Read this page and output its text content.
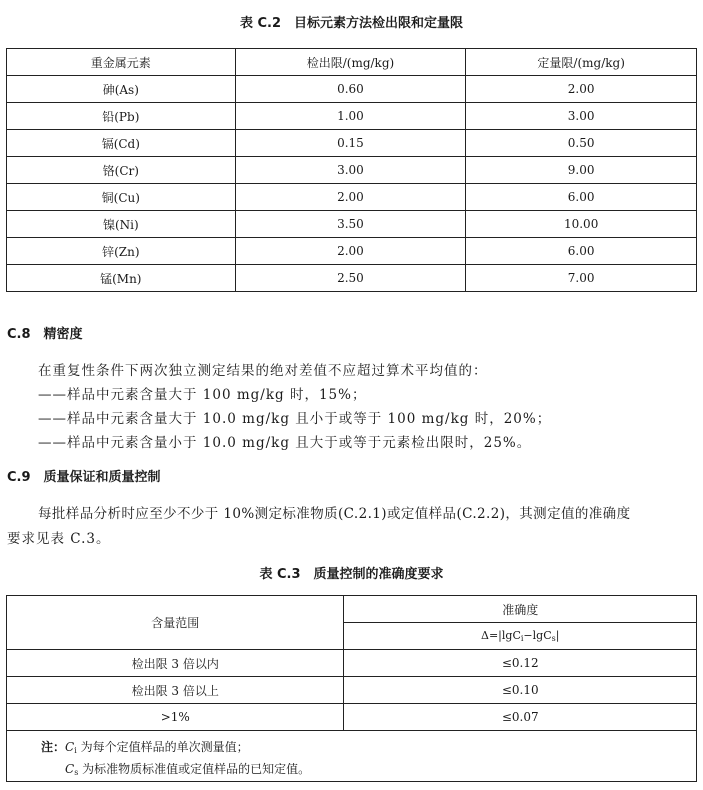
表 C.2　目标元素方法检出限和定量限
重金属元素	检出限/(mg/kg)	定量限/(mg/kg)
砷(As)	0.60	2.00
铅(Pb)	1.00	3.00
镉(Cd)	0.15	0.50
铬(Cr)	3.00	9.00
铜(Cu)	2.00	6.00
镍(Ni)	3.50	10.00
锌(Zn)	2.00	6.00
锰(Mn)	2.50	7.00
C.8　精密度
在重复性条件下两次独立测定结果的绝对差值不应超过算术平均值的：
——样品中元素含量大于 100 mg/kg 时，15%；
——样品中元素含量大于 10.0 mg/kg 且小于或等于 100 mg/kg 时，20%；
——样品中元素含量小于 10.0 mg/kg 且大于或等于元素检出限时，25%。
C.9　质量保证和质量控制
每批样品分析时应至少不少于 10%测定标准物质(C.2.1)或定值样品(C.2.2)，其测定值的准确度
要求见表 C.3。
表 C.3　质量控制的准确度要求
含量范围	准确度
	Δ=|lgC$_i$−lgC$_s$|
检出限 3 倍以内	≤0.12
检出限 3 倍以上	≤0.10
>1%	≤0.07

注：$C_i$ 为每个定值样品的单次测量值；
$C_s$ 为标准物质标准值或定值样品的已知定值。	
